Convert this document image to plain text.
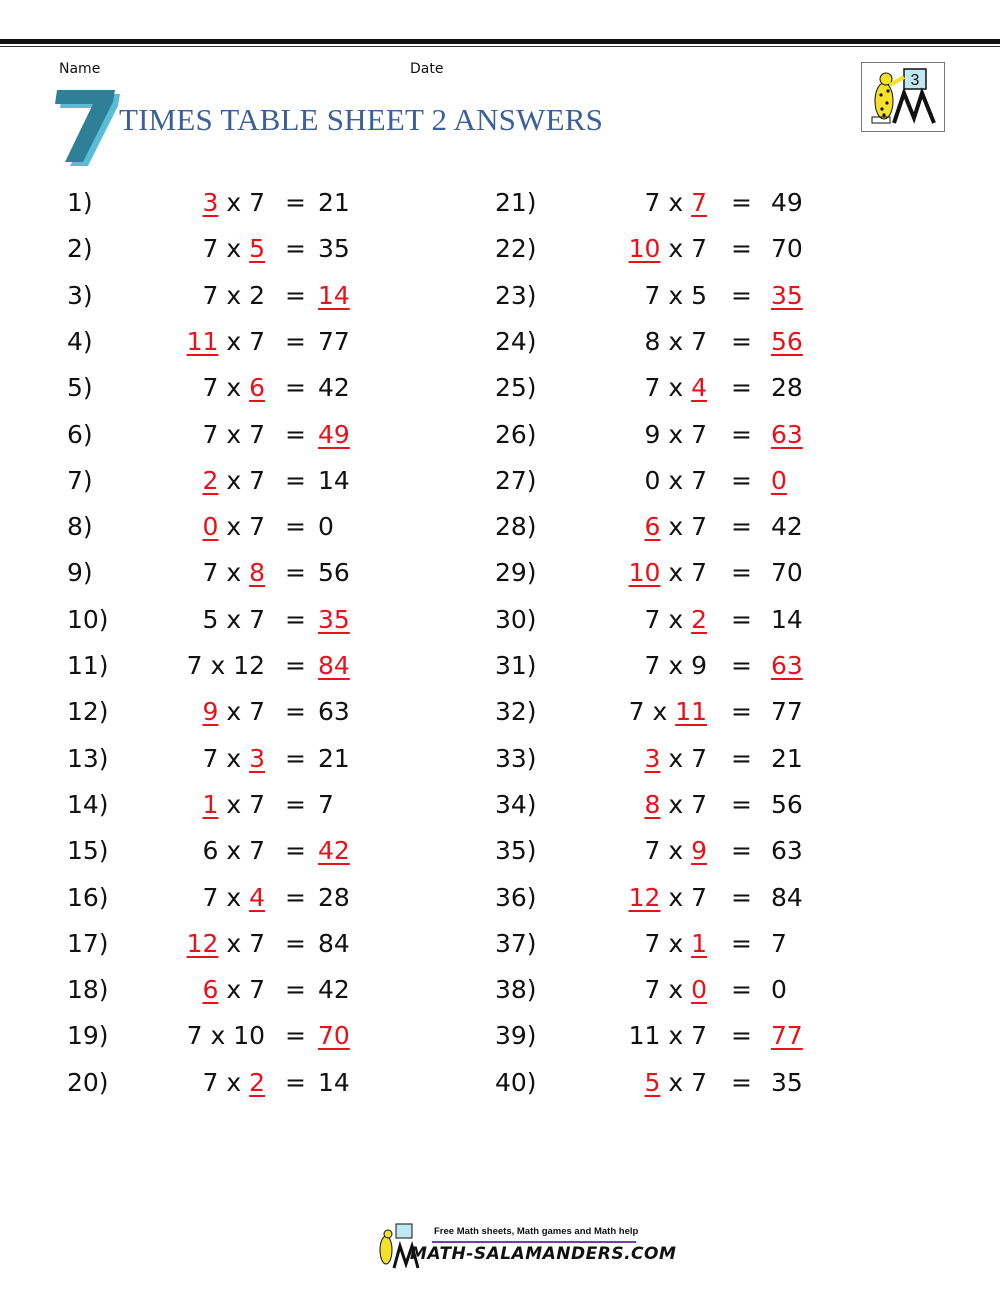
Name	Date
TIMES TABLE SHEET 2 ANSWERS
3
1)	3 x 7 = 21
2)	7 x 5 = 35
3)	7 x 2 = 14
4)	11 x 7 = 77
5)	7 x 6 = 42
6)	7 x 7 = 49
7)	2 x 7 = 14
8)	0 x 7 = 0
9)	7 x 8 = 56
10)	5 x 7 = 35
11)	7 x 12 = 84
12)	9 x 7 = 63
13)	7 x 3 = 21
14)	1 x 7 = 7
15)	6 x 7 = 42
16)	7 x 4 = 28
17)	12 x 7 = 84
18)	6 x 7 = 42
19)	7 x 10 = 70
20)	7 x 2 = 14
21)	7 x 7 = 49
22)	10 x 7 = 70
23)	7 x 5 = 35
24)	8 x 7 = 56
25)	7 x 4 = 28
26)	9 x 7 = 63
27)	0 x 7 = 0
28)	6 x 7 = 42
29)	10 x 7 = 70
30)	7 x 2 = 14
31)	7 x 9 = 63
32)	7 x 11 = 77
33)	3 x 7 = 21
34)	8 x 7 = 56
35)	7 x 9 = 63
36)	12 x 7 = 84
37)	7 x 1 = 7
38)	7 x 0 = 0
39)	11 x 7 = 77
40)	5 x 7 = 35
Free Math sheets, Math games and Math help
MATH-SALAMANDERS.COM
